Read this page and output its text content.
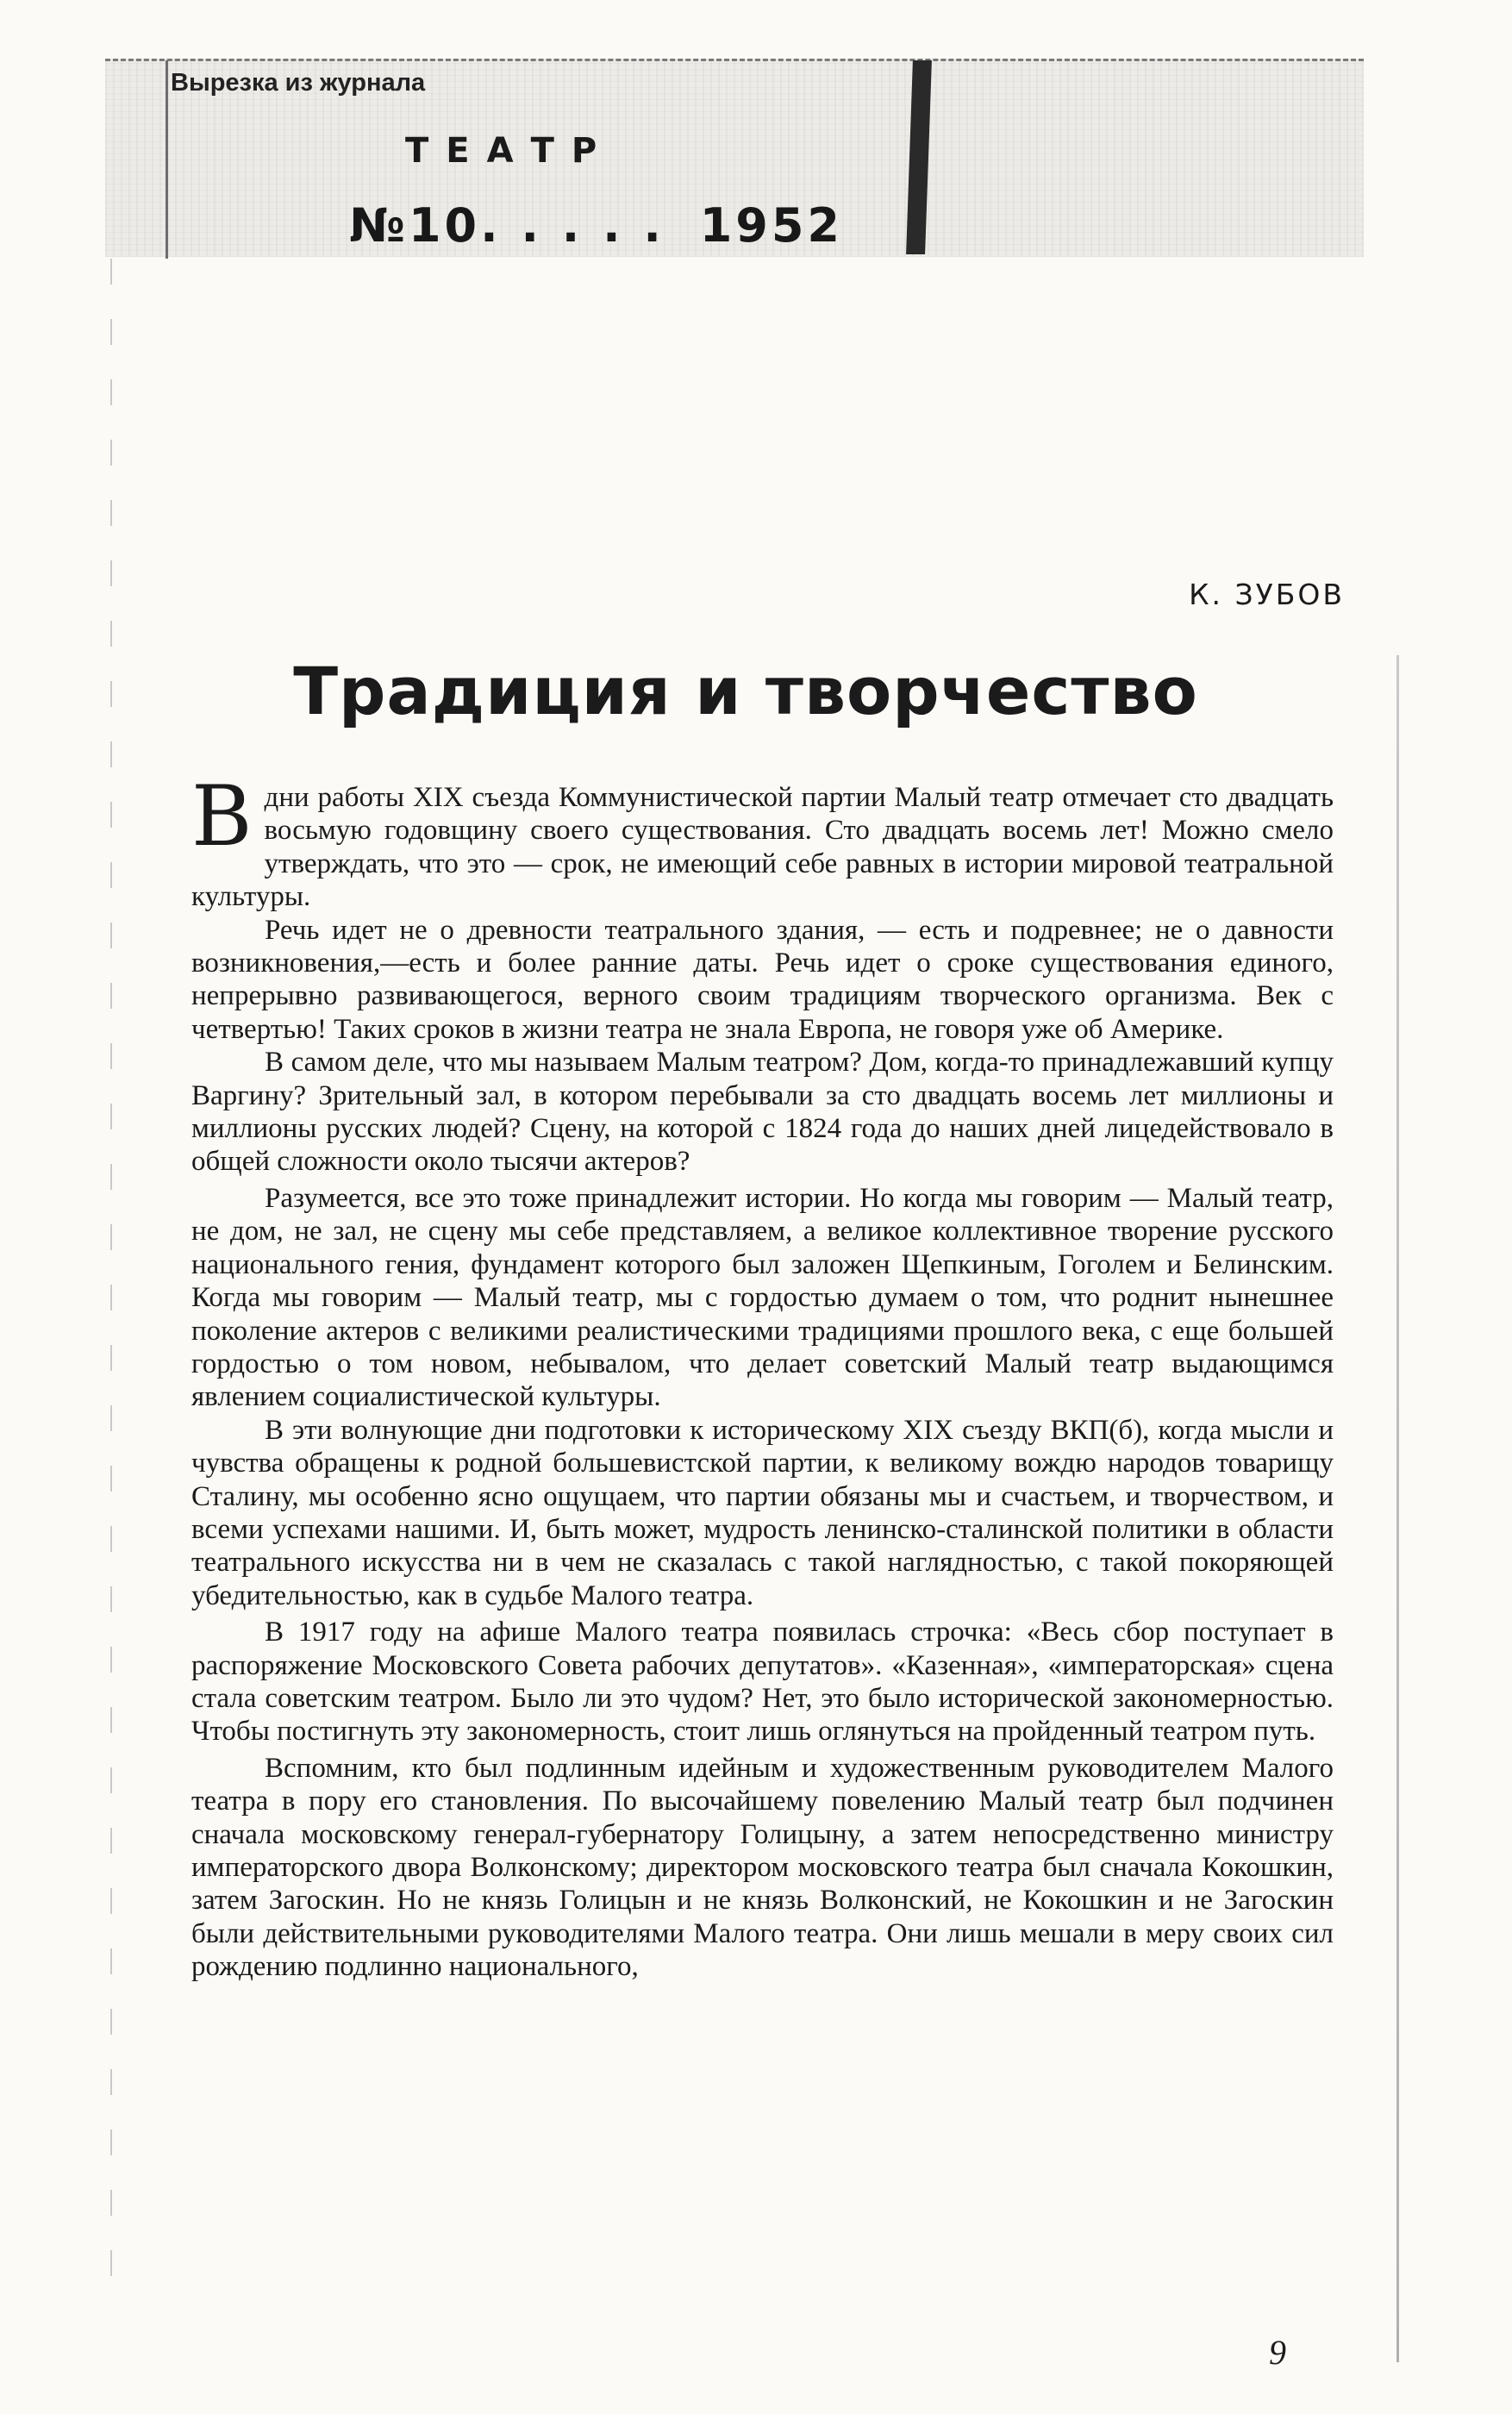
Вырезка из журнала
ТЕАТР
№10. . . . . 1952
К. ЗУБОВ
Традиция и творчество

Вдни работы XIX съезда Коммунистической партии Малый театр отмечает сто двадцать восьмую годовщину своего существования. Сто двадцать восемь лет! Можно смело утверждать, что это — срок, не имеющий себе равных в истории мировой театральной культуры.

Речь идет не о древности театрального здания, — есть и подревнее; не о давности возникновения,—есть и более ранние даты. Речь идет о сроке существования единого, непрерывно развивающегося, верного своим традициям творческого организма. Век с четвертью! Таких сроков в жизни театра не знала Европа, не говоря уже об Америке.

В самом деле, что мы называем Малым театром? Дом, когда-то принадлежавший купцу Варгину? Зрительный зал, в котором перебывали за сто двадцать восемь лет миллионы и миллионы русских людей? Сцену, на которой с 1824 года до наших дней лицедействовало в общей сложности около тысячи актеров?

Разумеется, все это тоже принадлежит истории. Но когда мы говорим — Малый театр, не дом, не зал, не сцену мы себе представляем, а великое коллективное творение русского национального гения, фундамент которого был заложен Щепкиным, Гоголем и Белинским. Когда мы говорим — Малый театр, мы с гордостью думаем о том, что роднит нынешнее поколение актеров с великими реалистическими традициями прошлого века, с еще большей гордостью о том новом, небывалом, что делает советский Малый театр выдающимся явлением социалистической культуры.

В эти волнующие дни подготовки к историческому XIX съезду ВКП(б), когда мысли и чувства обращены к родной большевистской партии, к великому вождю народов товарищу Сталину, мы особенно ясно ощущаем, что партии обязаны мы и счастьем, и творчеством, и всеми успехами нашими. И, быть может, мудрость ленинско-сталинской политики в области театрального искусства ни в чем не сказалась с такой наглядностью, с такой покоряющей убедительностью, как в судьбе Малого театра.

В 1917 году на афише Малого театра появилась строчка: «Весь сбор поступает в распоряжение Московского Совета рабочих депутатов». «Казенная», «императорская» сцена стала советским театром. Было ли это чудом? Нет, это было исторической закономерностью. Чтобы постигнуть эту закономерность, стоит лишь оглянуться на пройденный театром путь.

Вспомним, кто был подлинным идейным и художественным руководителем Малого театра в пору его становления. По высочайшему повелению Малый театр был подчинен сначала московскому генерал-губернатору Голицыну, а затем непосредственно министру императорского двора Волконскому; директором московского театра был сначала Кокошкин, затем Загоскин. Но не князь Голицын и не князь Волконский, не Кокошкин и не Загоскин были действительными руководителями Малого театра. Они лишь мешали в меру своих сил рождению подлинно национального,

9
